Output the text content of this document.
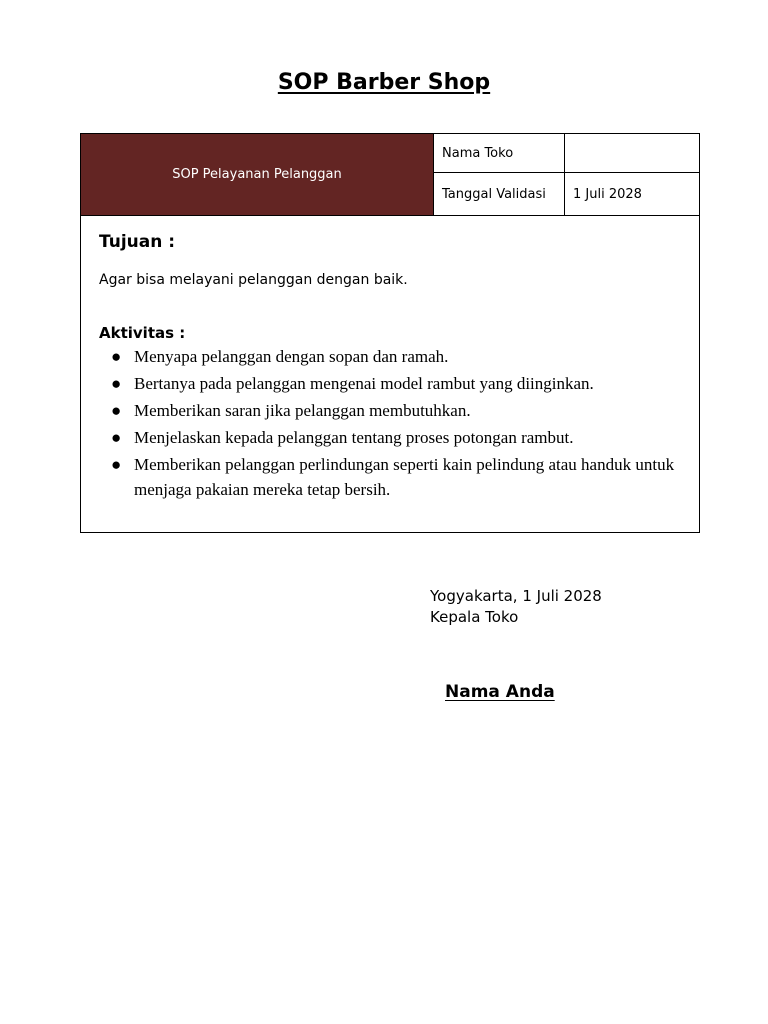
SOP Barber Shop
SOP Pelayanan Pelanggan
Nama Toko
Tanggal Validasi	1 Juli 2028
Tujuan :
Agar bisa melayani pelanggan dengan baik.
Aktivitas :
● Menyapa pelanggan dengan sopan dan ramah.
● Bertanya pada pelanggan mengenai model rambut yang diinginkan.
● Memberikan saran jika pelanggan membutuhkan.
● Menjelaskan kepada pelanggan tentang proses potongan rambut.
● Memberikan pelanggan perlindungan seperti kain pelindung atau handuk untuk menjaga pakaian mereka tetap bersih.
Yogyakarta, 1 Juli 2028
Kepala Toko
Nama Anda
